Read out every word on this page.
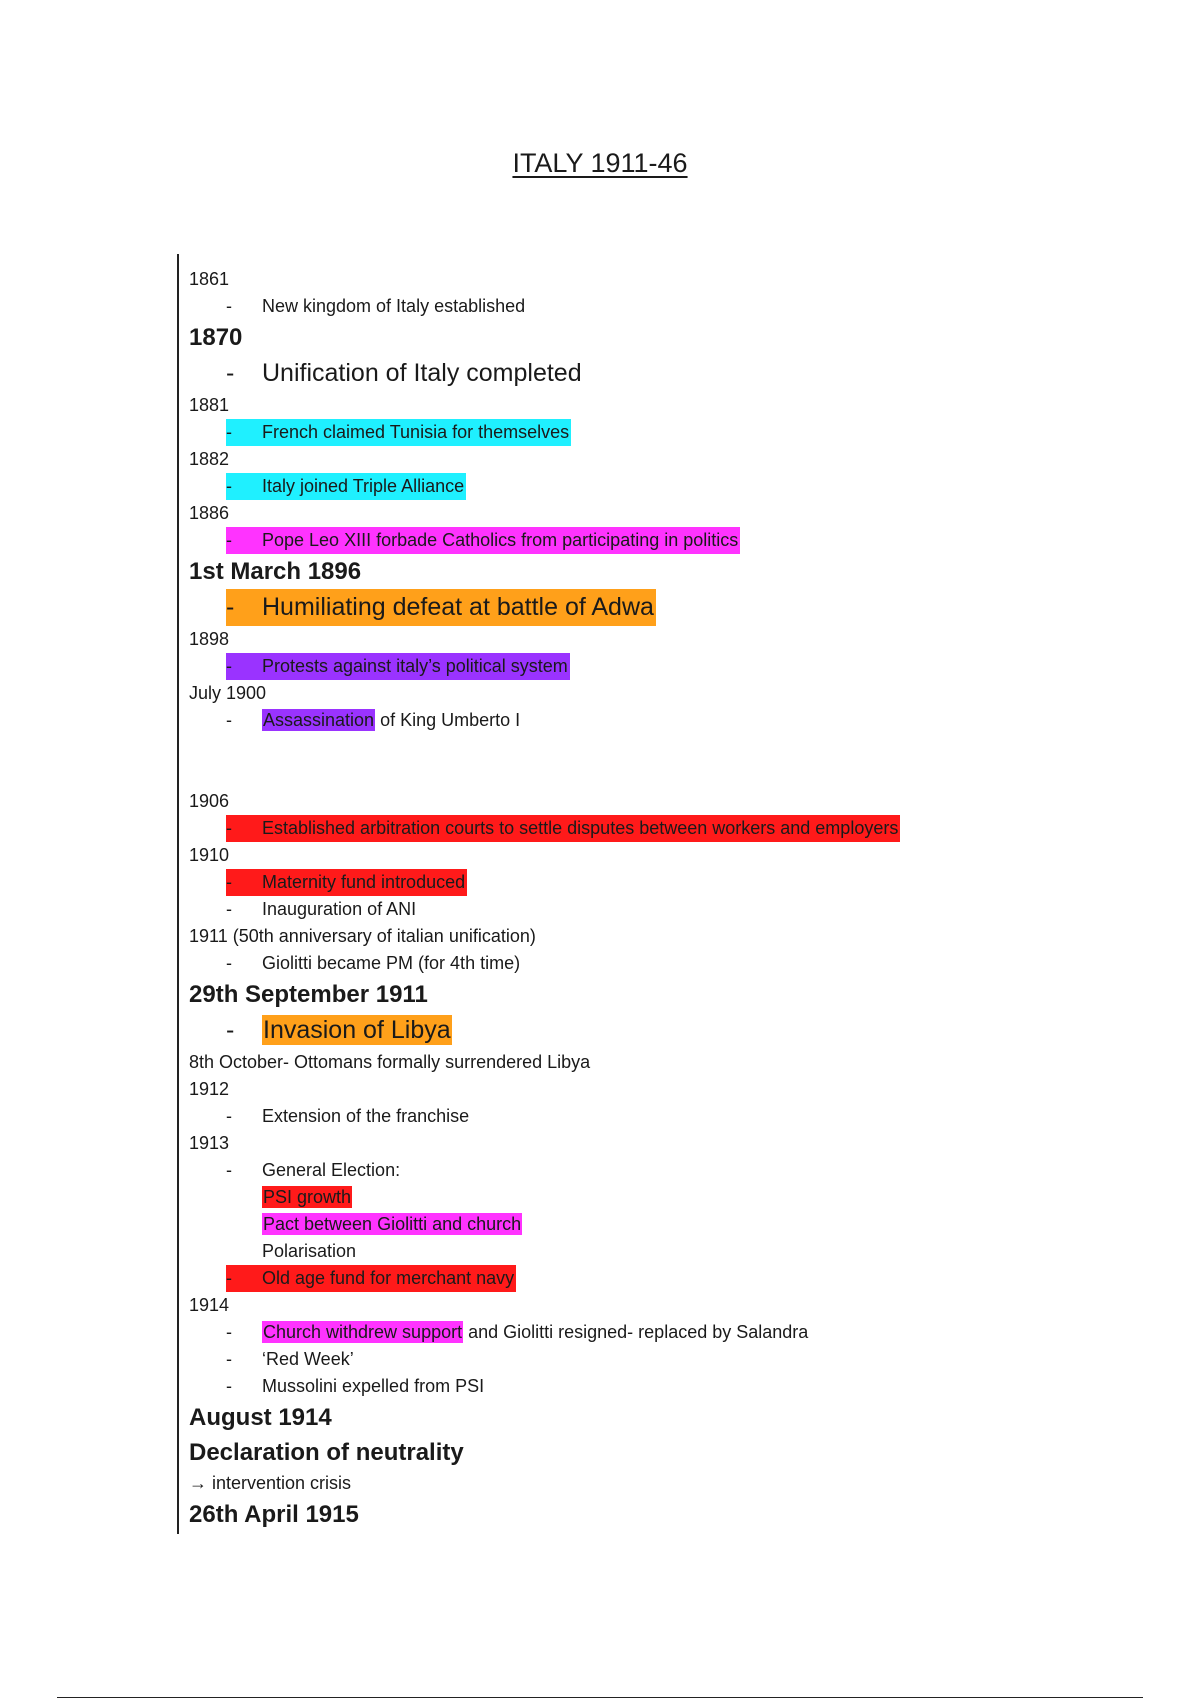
ITALY 1911-46
1861
- New kingdom of Italy established
1870
- Unification of Italy completed
1881
- French claimed Tunisia for themselves
1882
- Italy joined Triple Alliance
1886
- Pope Leo XIII forbade Catholics from participating in politics
1st March 1896
- Humiliating defeat at battle of Adwa
1898
- Protests against italy’s political system
July 1900
- Assassination of King Umberto I
1906
- Established arbitration courts to settle disputes between workers and employers
1910
- Maternity fund introduced
- Inauguration of ANI
1911 (50th anniversary of italian unification)
- Giolitti became PM (for 4th time)
29th September 1911
- Invasion of Libya
8th October- Ottomans formally surrendered Libya
1912
- Extension of the franchise
1913
- General Election:
PSI growth
Pact between Giolitti and church
Polarisation
- Old age fund for merchant navy
1914
- Church withdrew support and Giolitti resigned- replaced by Salandra
- ‘Red Week’
- Mussolini expelled from PSI
August 1914
Declaration of neutrality
→ intervention crisis
26th April 1915
